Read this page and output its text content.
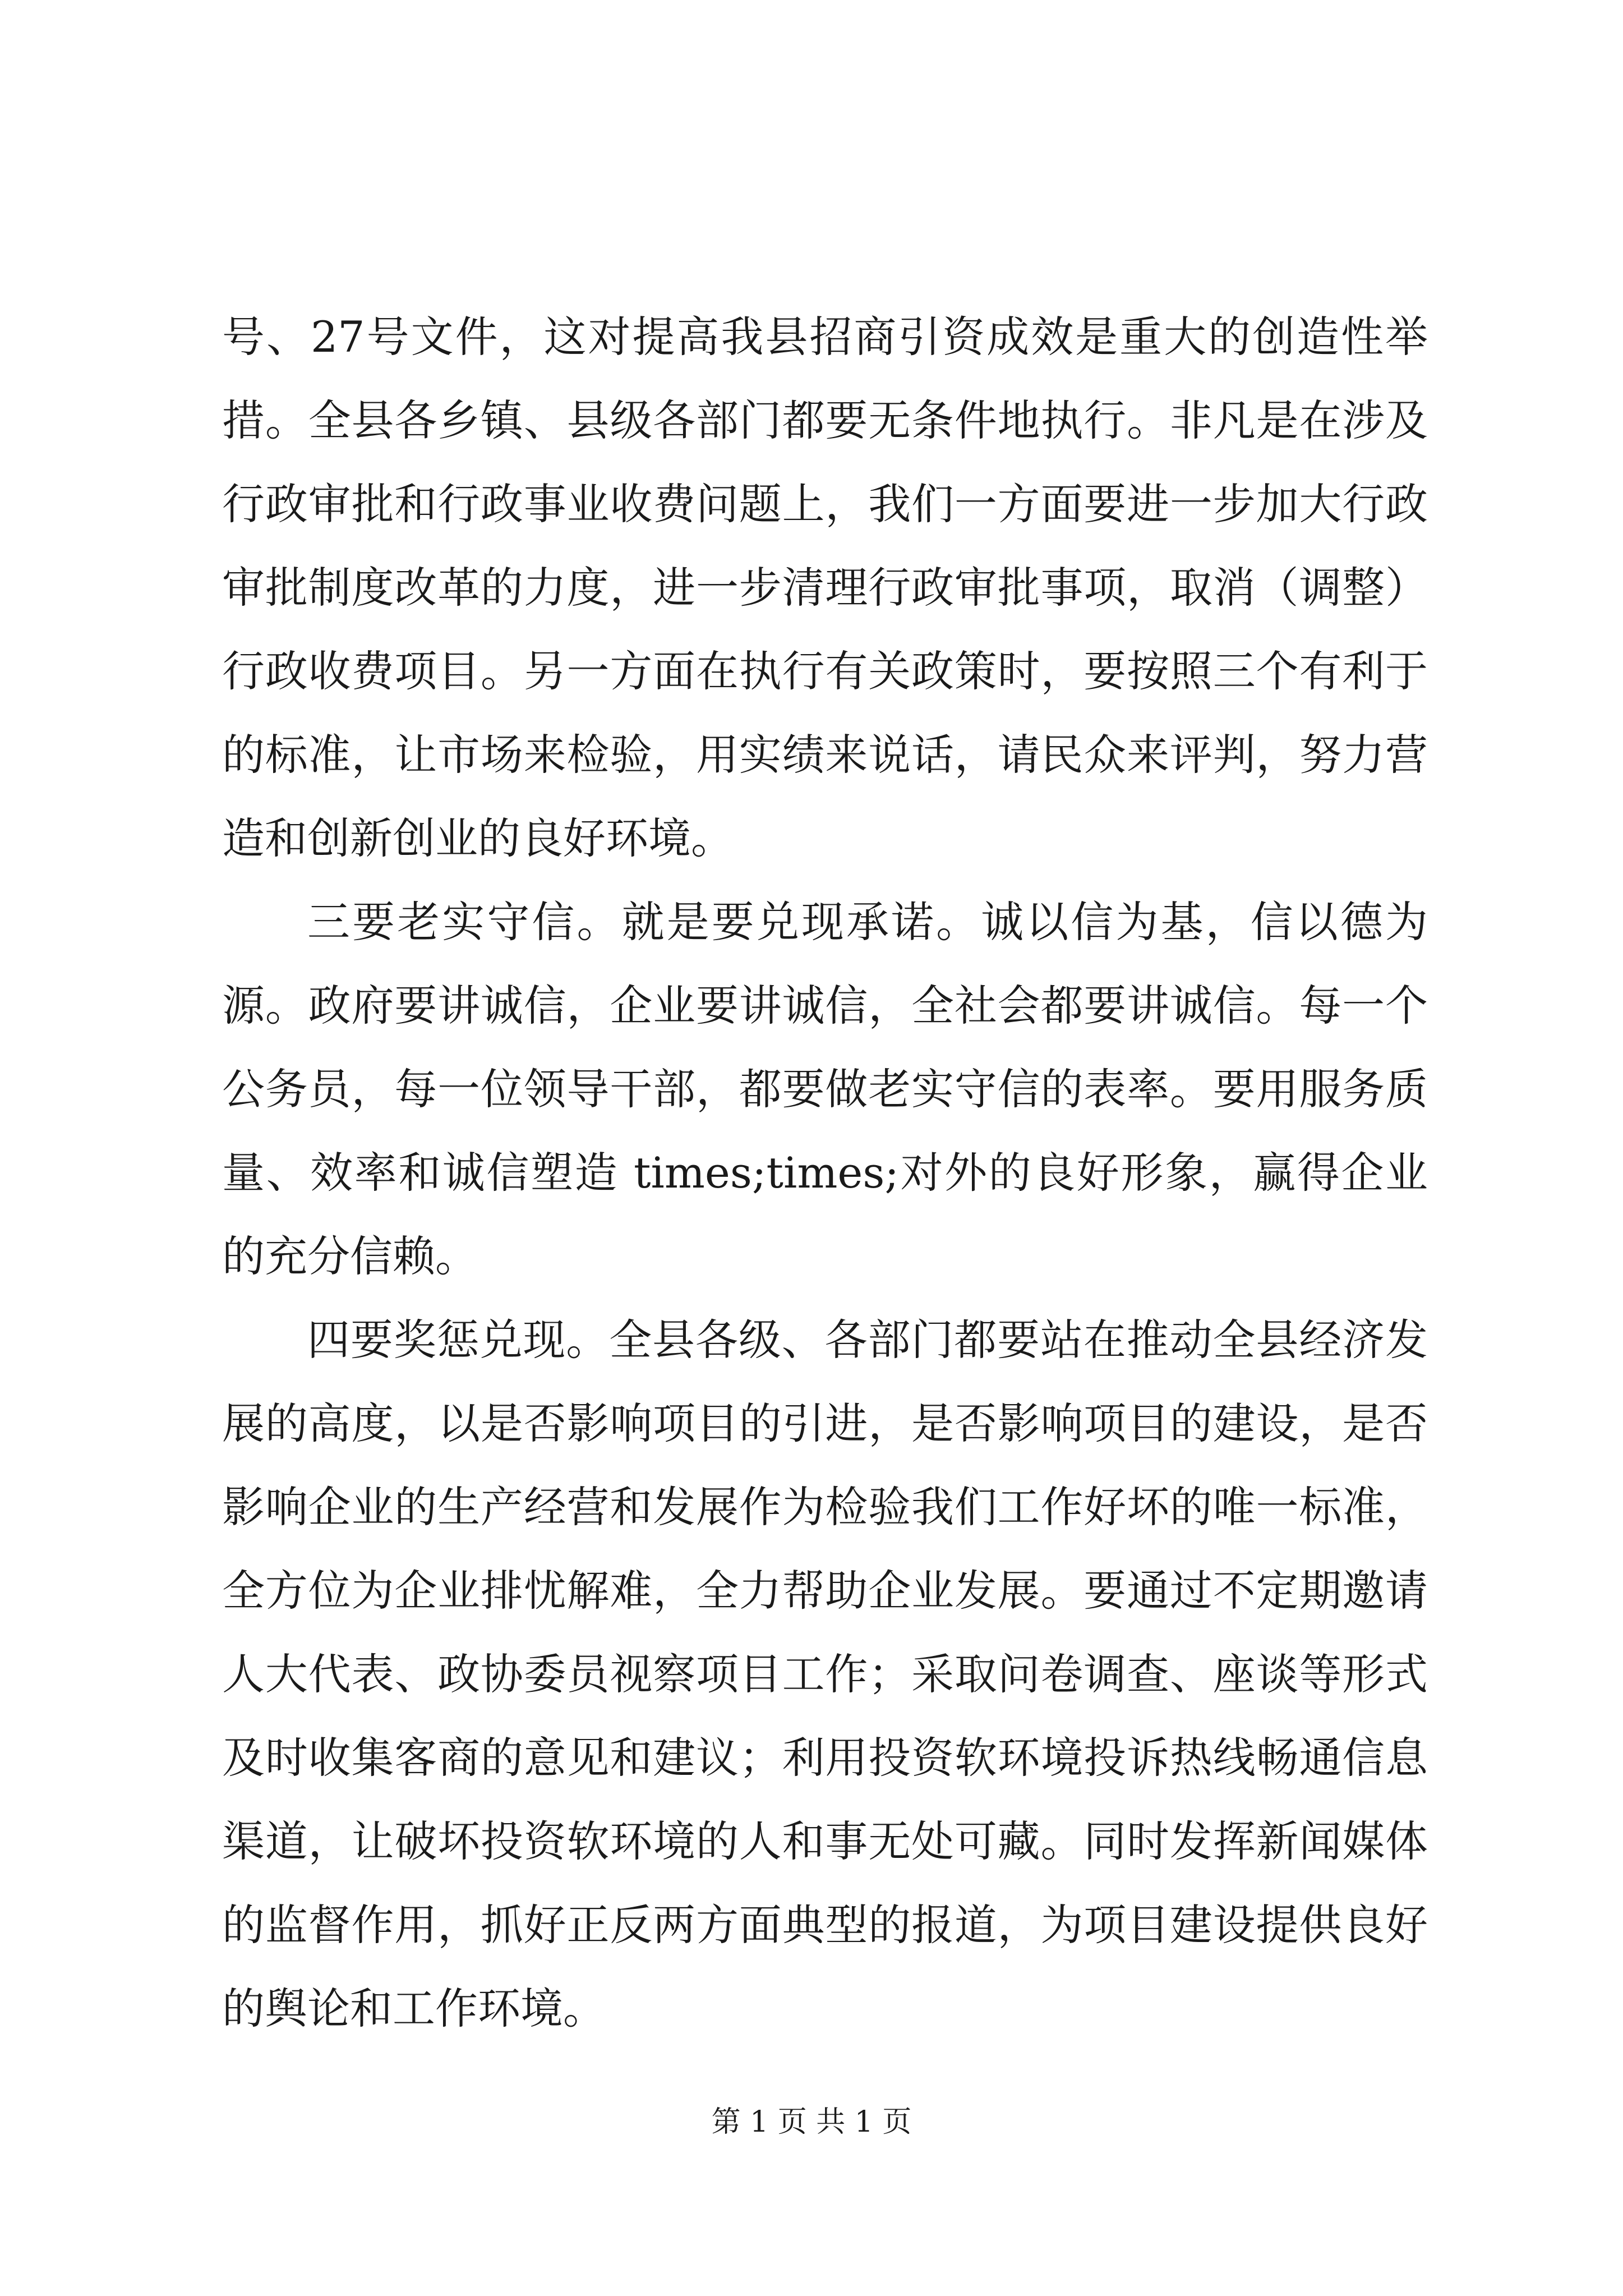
号、27号文件，这对提高我县招商引资成效是重大的创造性举措。全县各乡镇、县级各部门都要无条件地执行。非凡是在涉及行政审批和行政事业收费问题上，我们一方面要进一步加大行政审批制度改革的力度，进一步清理行政审批事项，取消（调整）行政收费项目。另一方面在执行有关政策时，要按照三个有利于的标准，让市场来检验，用实绩来说话，请民众来评判，努力营造和创新创业的良好环境。

三要老实守信。就是要兑现承诺。诚以信为基，信以德为源。政府要讲诚信，企业要讲诚信，全社会都要讲诚信。每一个公务员，每一位领导干部，都要做老实守信的表率。要用服务质量、效率和诚信塑造 times;times;对外的良好形象，赢得企业的充分信赖。

四要奖惩兑现。全县各级、各部门都要站在推动全县经济发展的高度，以是否影响项目的引进，是否影响项目的建设，是否影响企业的生产经营和发展作为检验我们工作好坏的唯一标准，全方位为企业排忧解难，全力帮助企业发展。要通过不定期邀请人大代表、政协委员视察项目工作；采取问卷调查、座谈等形式及时收集客商的意见和建议；利用投资软环境投诉热线畅通信息渠道，让破坏投资软环境的人和事无处可藏。同时发挥新闻媒体的监督作用，抓好正反两方面典型的报道，为项目建设提供良好的舆论和工作环境。

第 1 页 共 1 页
